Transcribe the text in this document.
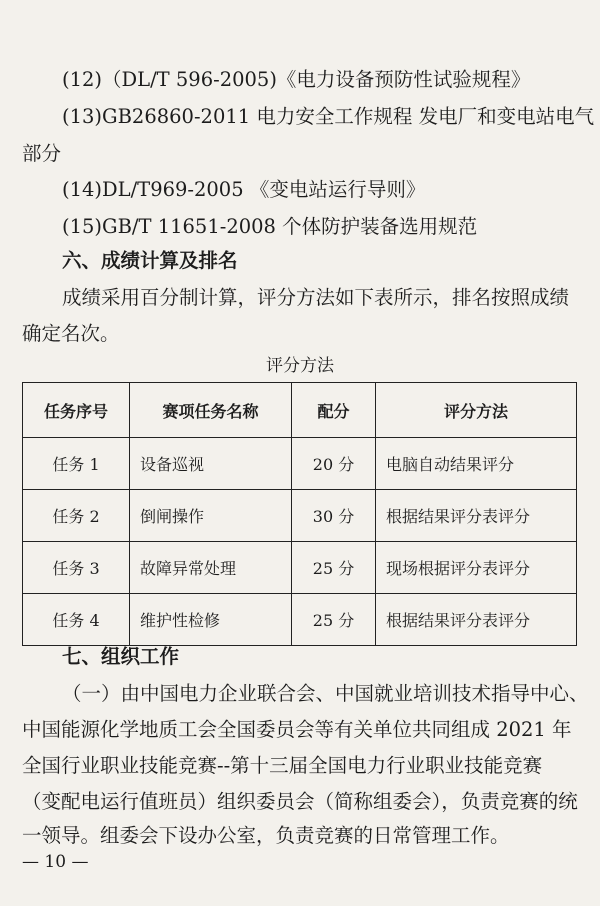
(12)（DL/T 596-2005)《电力设备预防性试验规程》
(13)GB26860-2011 电力安全工作规程 发电厂和变电站电气
部分
(14)DL/T969-2005 《变电站运行导则》
(15)GB/T 11651-2008 个体防护装备选用规范
六、成绩计算及排名
成绩采用百分制计算，评分方法如下表所示，排名按照成绩
确定名次。
评分方法
任务序号	赛项任务名称	配分	评分方法
任务 1	设备巡视	20 分	电脑自动结果评分
任务 2	倒闸操作	30 分	根据结果评分表评分
任务 3	故障异常处理	25 分	现场根据评分表评分
任务 4	维护性检修	25 分	根据结果评分表评分
七、组织工作
（一）由中国电力企业联合会、中国就业培训技术指导中心、
中国能源化学地质工会全国委员会等有关单位共同组成 2021 年
全国行业职业技能竞赛--第十三届全国电力行业职业技能竞赛
（变配电运行值班员）组织委员会（简称组委会），负责竞赛的统
一领导。组委会下设办公室，负责竞赛的日常管理工作。
— 10 —
